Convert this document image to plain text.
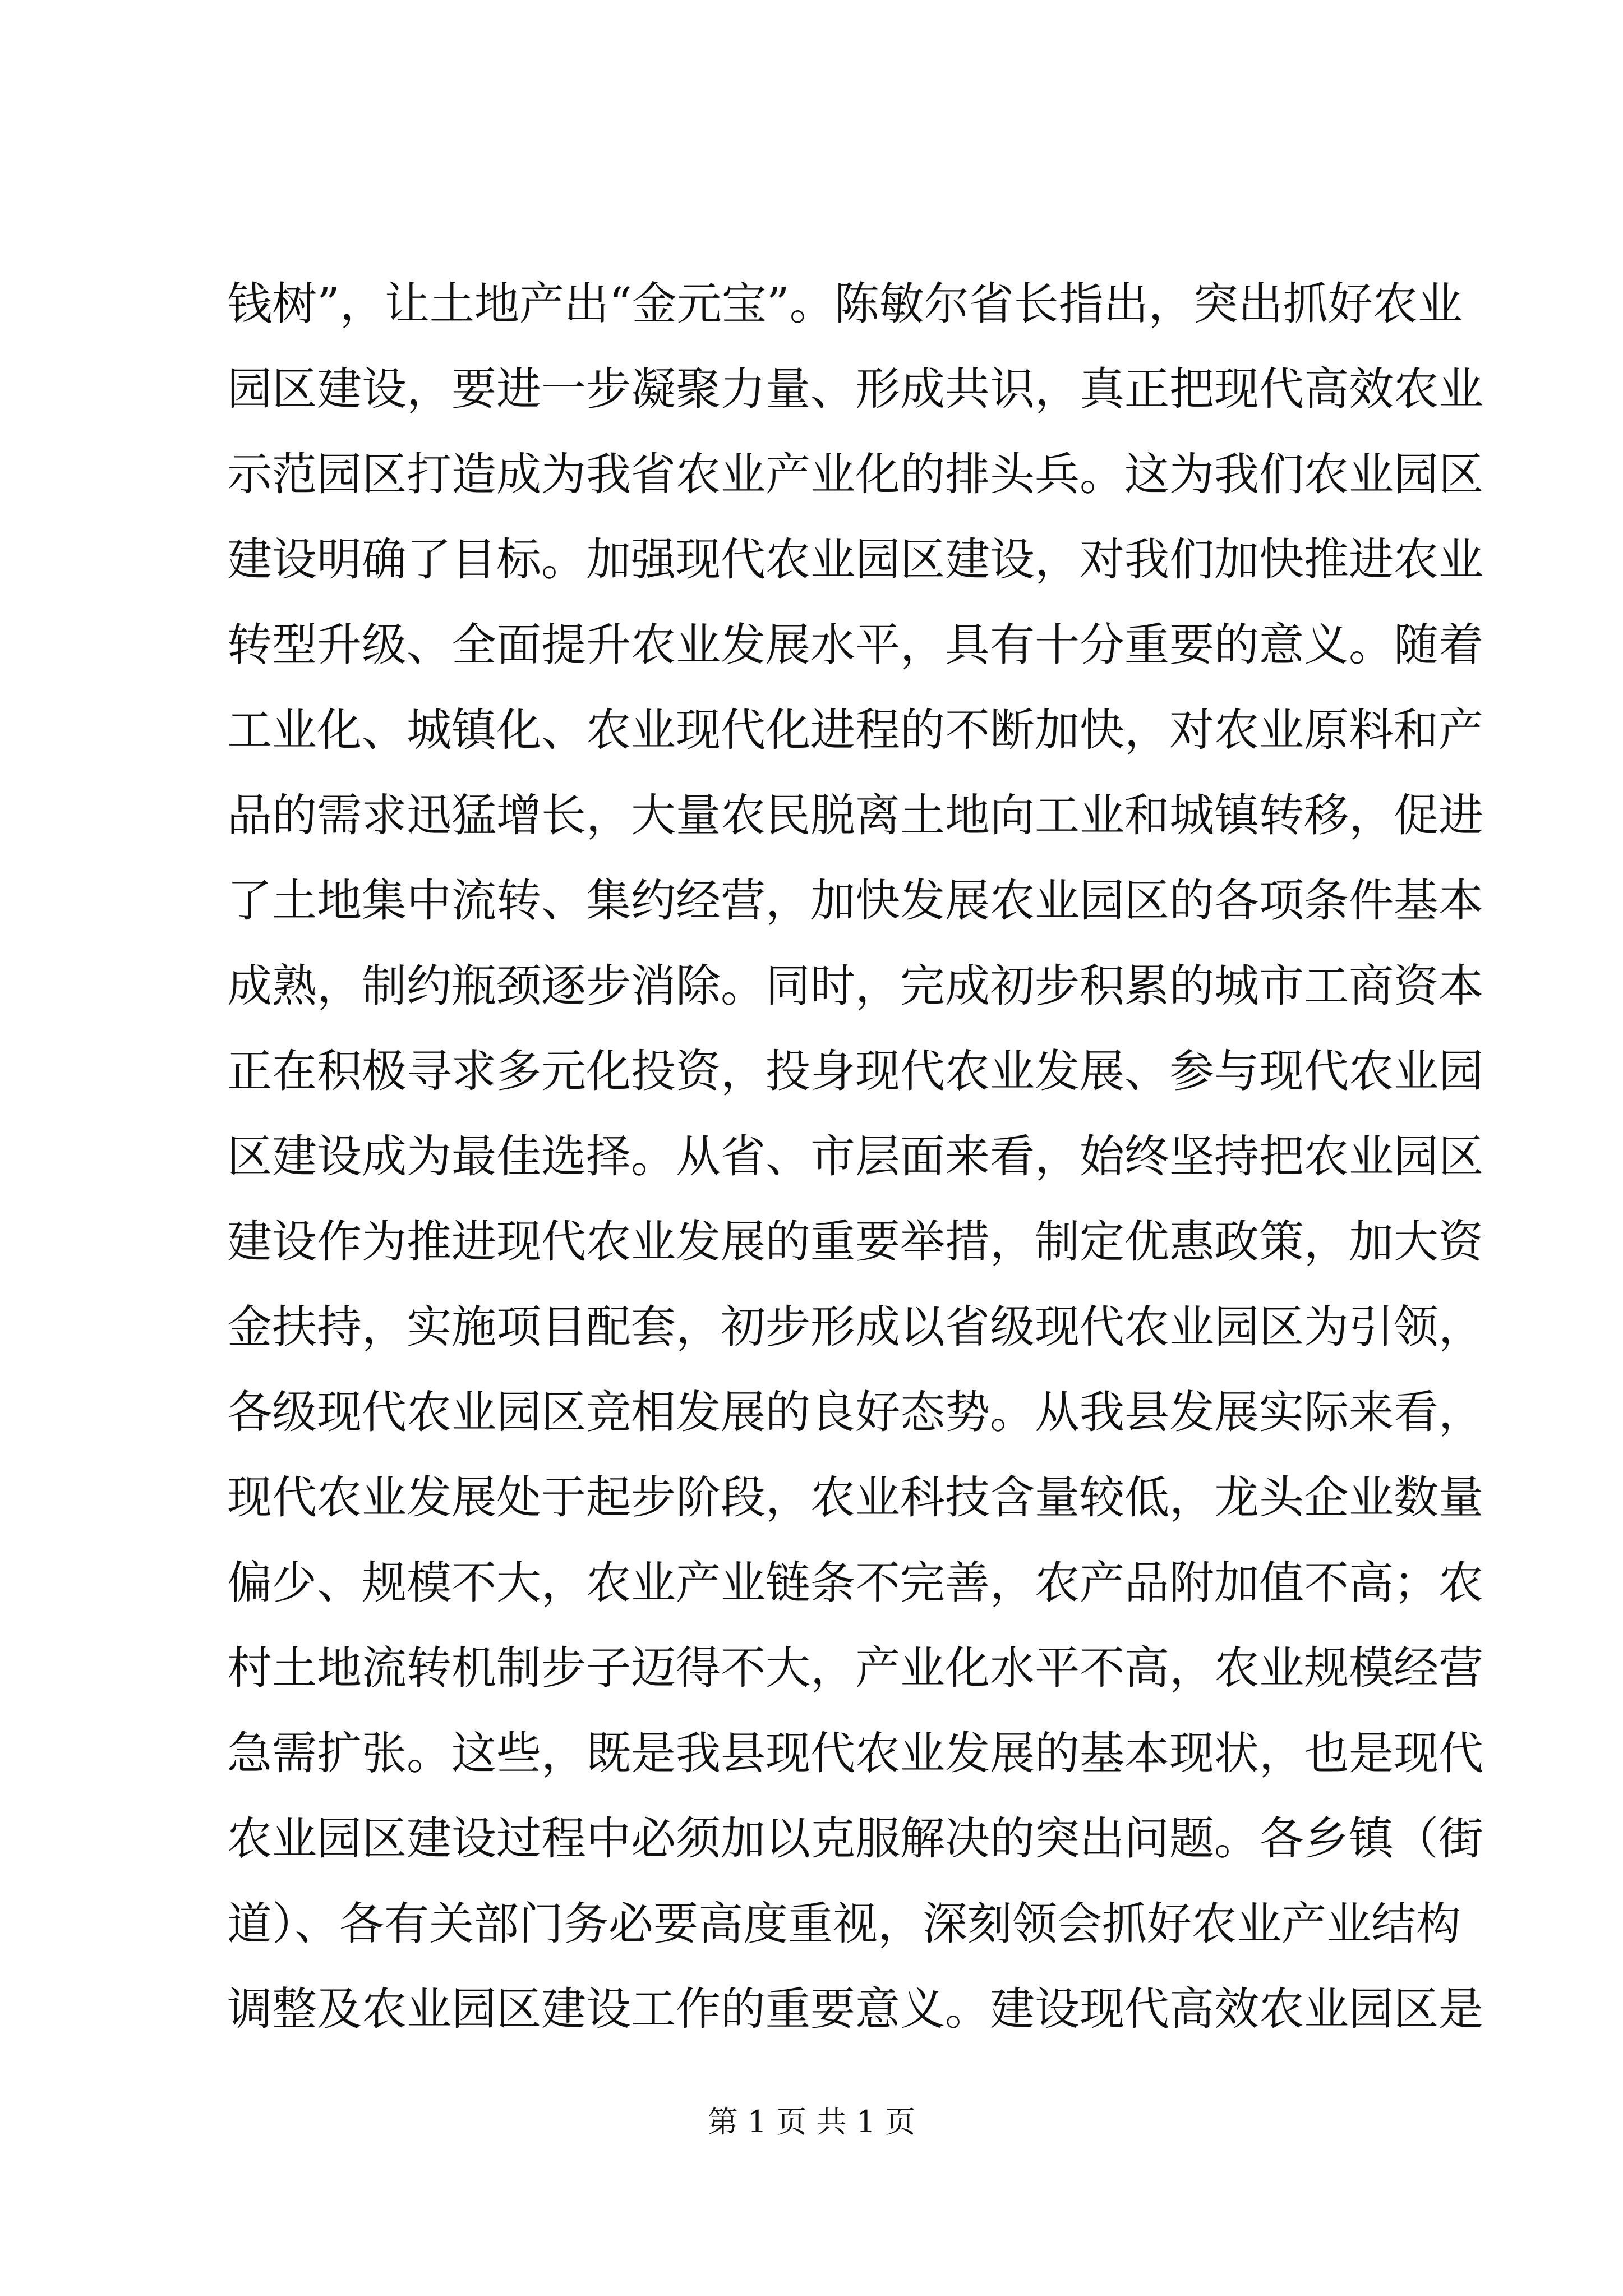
钱树”，让土地产出“金元宝”。陈敏尔省长指出，突出抓好农业
园区建设，要进一步凝聚力量、形成共识，真正把现代高效农业
示范园区打造成为我省农业产业化的排头兵。这为我们农业园区
建设明确了目标。加强现代农业园区建设，对我们加快推进农业
转型升级、全面提升农业发展水平，具有十分重要的意义。随着
工业化、城镇化、农业现代化进程的不断加快，对农业原料和产
品的需求迅猛增长，大量农民脱离土地向工业和城镇转移，促进
了土地集中流转、集约经营，加快发展农业园区的各项条件基本
成熟，制约瓶颈逐步消除。同时，完成初步积累的城市工商资本
正在积极寻求多元化投资，投身现代农业发展、参与现代农业园
区建设成为最佳选择。从省、市层面来看，始终坚持把农业园区
建设作为推进现代农业发展的重要举措，制定优惠政策，加大资
金扶持，实施项目配套，初步形成以省级现代农业园区为引领，
各级现代农业园区竞相发展的良好态势。从我县发展实际来看，
现代农业发展处于起步阶段，农业科技含量较低，龙头企业数量
偏少、规模不大，农业产业链条不完善，农产品附加值不高；农
村土地流转机制步子迈得不大，产业化水平不高，农业规模经营
急需扩张。这些，既是我县现代农业发展的基本现状，也是现代
农业园区建设过程中必须加以克服解决的突出问题。各乡镇（街
道）、各有关部门务必要高度重视，深刻领会抓好农业产业结构
调整及农业园区建设工作的重要意义。建设现代高效农业园区是
第 1 页 共 1 页
